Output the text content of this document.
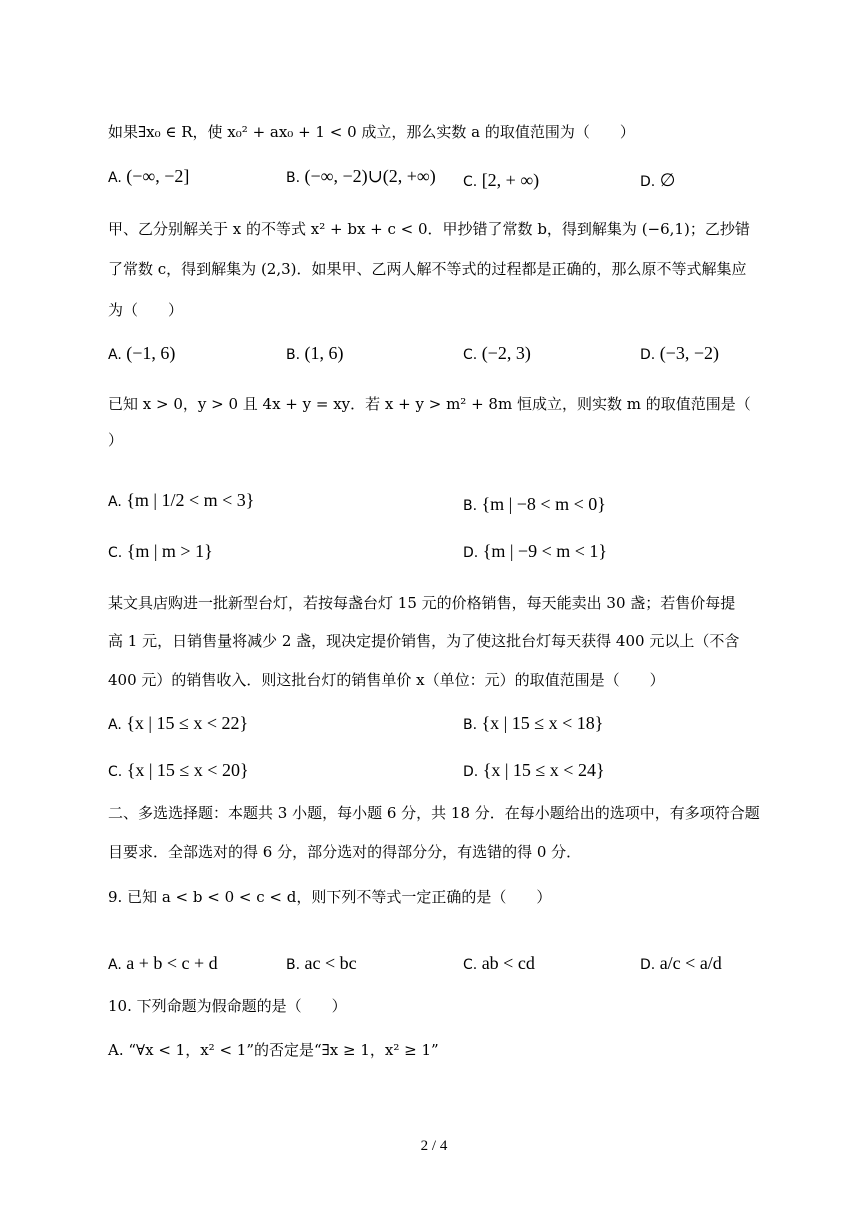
如果∃x₀ ∈ R，使 x₀² + ax₀ + 1 < 0 成立，那么实数 a 的取值范围为（　　）
A. (−∞, −2]	B. (−∞, −2)∪(2, +∞) C. [2, + ∞)	D. ∅
甲、乙分别解关于 x 的不等式 x² + bx + c < 0．甲抄错了常数 b，得到解集为 (−6,1)；乙抄错
了常数 c，得到解集为 (2,3)．如果甲、乙两人解不等式的过程都是正确的，那么原不等式解集应
为（　　）
A. (−1, 6)	B. (1, 6)	C. (−2, 3)	D. (−3, −2)
已知 x > 0，y > 0 且 4x + y = xy．若 x + y > m² + 8m 恒成立，则实数 m 的取值范围是（
）
A. {m | 1/2 < m < 3}	B. {m | −8 < m < 0}
C. {m | m > 1}	D. {m | −9 < m < 1}
某文具店购进一批新型台灯，若按每盏台灯 15 元的价格销售，每天能卖出 30 盏；若售价每提
高 1 元，日销售量将减少 2 盏，现决定提价销售，为了使这批台灯每天获得 400 元以上（不含
400 元）的销售收入．则这批台灯的销售单价 x（单位：元）的取值范围是（　　）
A. {x | 15 ≤ x < 22}	B. {x | 15 ≤ x < 18}
C. {x | 15 ≤ x < 20}	D. {x | 15 ≤ x < 24}
二、多选选择题：本题共 3 小题，每小题 6 分，共 18 分．在每小题给出的选项中，有多项符合题
目要求．全部选对的得 6 分，部分选对的得部分分，有选错的得 0 分．
9. 已知 a < b < 0 < c < d，则下列不等式一定正确的是（　　）
A. a + b < c + d	B. ac < bc	C. ab < cd	D. a/c < a/d
10. 下列命题为假命题的是（　　）
A. “∀x < 1，x² < 1”的否定是“∃x ≥ 1，x² ≥ 1”
2 / 4
